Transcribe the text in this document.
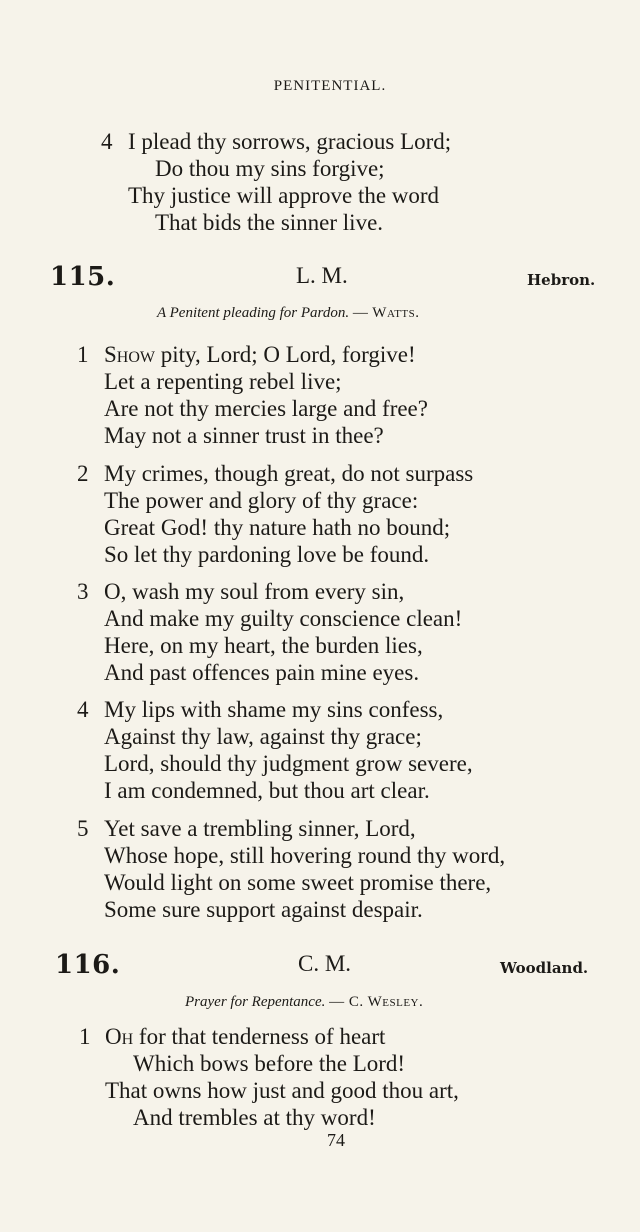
PENITENTIAL.
4 I plead thy sorrows, gracious Lord;
Do thou my sins forgive;
Thy justice will approve the word
That bids the sinner live.
115.	L. M.	Hebron.
A Penitent pleading for Pardon. — Watts.
1 Show pity, Lord; O Lord, forgive!
Let a repenting rebel live;
Are not thy mercies large and free?
May not a sinner trust in thee?
2 My crimes, though great, do not surpass
The power and glory of thy grace:
Great God! thy nature hath no bound;
So let thy pardoning love be found.
3 O, wash my soul from every sin,
And make my guilty conscience clean!
Here, on my heart, the burden lies,
And past offences pain mine eyes.
4 My lips with shame my sins confess,
Against thy law, against thy grace;
Lord, should thy judgment grow severe,
I am condemned, but thou art clear.
5 Yet save a trembling sinner, Lord,
Whose hope, still hovering round thy word,
Would light on some sweet promise there,
Some sure support against despair.
116.	C. M.	Woodland.
Prayer for Repentance. — C. Wesley.
1 Oh for that tenderness of heart
Which bows before the Lord!
That owns how just and good thou art,
And trembles at thy word!
74
